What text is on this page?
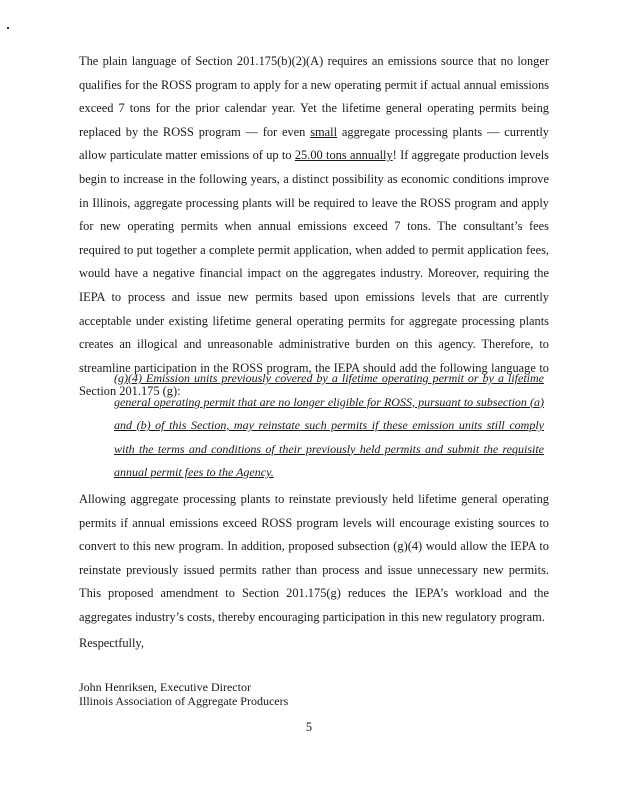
The plain language of Section 201.175(b)(2)(A) requires an emissions source that no longer qualifies for the ROSS program to apply for a new operating permit if actual annual emissions exceed 7 tons for the prior calendar year. Yet the lifetime general operating permits being replaced by the ROSS program — for even small aggregate processing plants — currently allow particulate matter emissions of up to 25.00 tons annually! If aggregate production levels begin to increase in the following years, a distinct possibility as economic conditions improve in Illinois, aggregate processing plants will be required to leave the ROSS program and apply for new operating permits when annual emissions exceed 7 tons. The consultant’s fees required to put together a complete permit application, when added to permit application fees, would have a negative financial impact on the aggregates industry. Moreover, requiring the IEPA to process and issue new permits based upon emissions levels that are currently acceptable under existing lifetime general operating permits for aggregate processing plants creates an illogical and unreasonable administrative burden on this agency. Therefore, to streamline participation in the ROSS program, the IEPA should add the following language to Section 201.175 (g):

(g)(4) Emission units previously covered by a lifetime operating permit or by a lifetime general operating permit that are no longer eligible for ROSS, pursuant to subsection (a) and (b) of this Section, may reinstate such permits if these emission units still comply with the terms and conditions of their previously held permits and submit the requisite annual permit fees to the Agency.

Allowing aggregate processing plants to reinstate previously held lifetime general operating permits if annual emissions exceed ROSS program levels will encourage existing sources to convert to this new program. In addition, proposed subsection (g)(4) would allow the IEPA to reinstate previously issued permits rather than process and issue unnecessary new permits. This proposed amendment to Section 201.175(g) reduces the IEPA’s workload and the aggregates industry’s costs, thereby encouraging participation in this new regulatory program.

Respectfully,

John Henriksen, Executive Director
Illinois Association of Aggregate Producers
5
